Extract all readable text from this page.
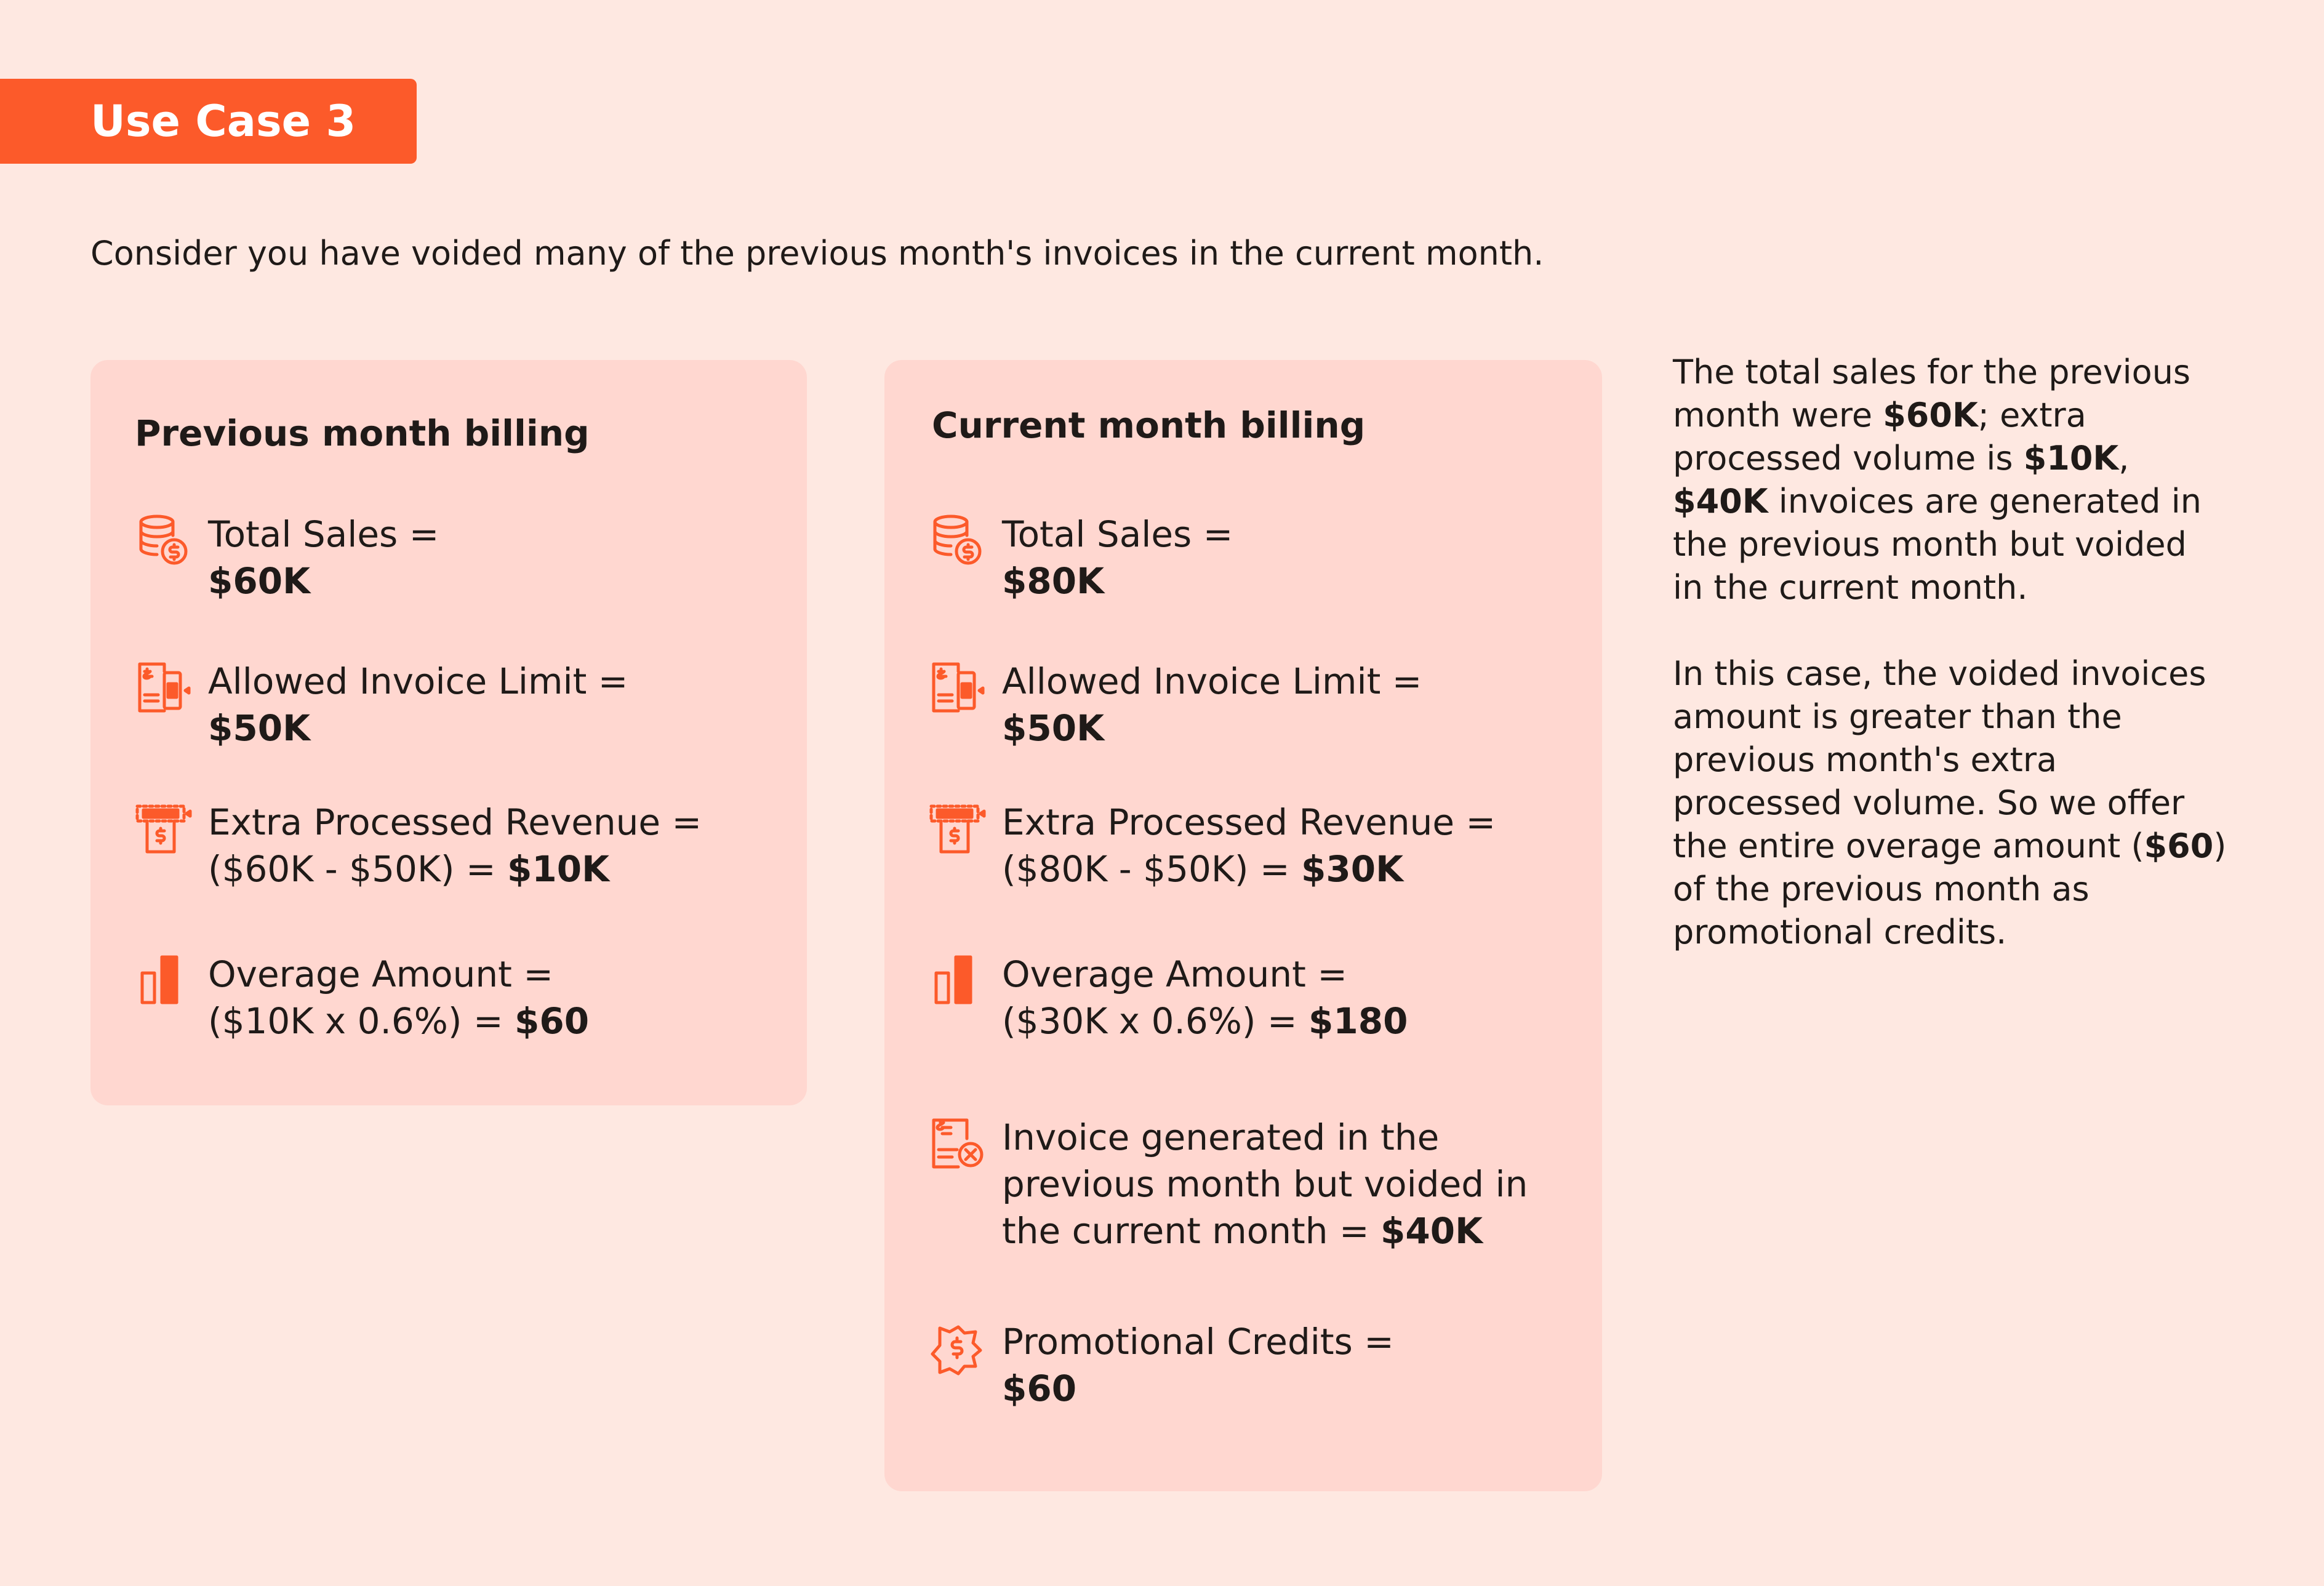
Use Case 3
Consider you have voided many of the previous month's invoices in the current month.
Previous month billing
Total Sales =
$60K
Allowed Invoice Limit =
$50K
Extra Processed Revenue =
($60K - $50K) = $10K
Overage Amount =
($10K x 0.6%) = $60
Current month billing
Total Sales =
$80K
Allowed Invoice Limit =
$50K
Extra Processed Revenue =
($80K - $50K) = $30K
Overage Amount =
($30K x 0.6%) = $180
Invoice generated in the
previous month but voided in
the current month = $40K
Promotional Credits =
$60

The total sales for the previous

month were $60K; extra

processed volume is $10K,

$40K invoices are generated in

the previous month but voided

in the current month.

In this case, the voided invoices

amount is greater than the

previous month's extra

processed volume. So we offer

the entire overage amount ($60)

of the previous month as

promotional credits.
